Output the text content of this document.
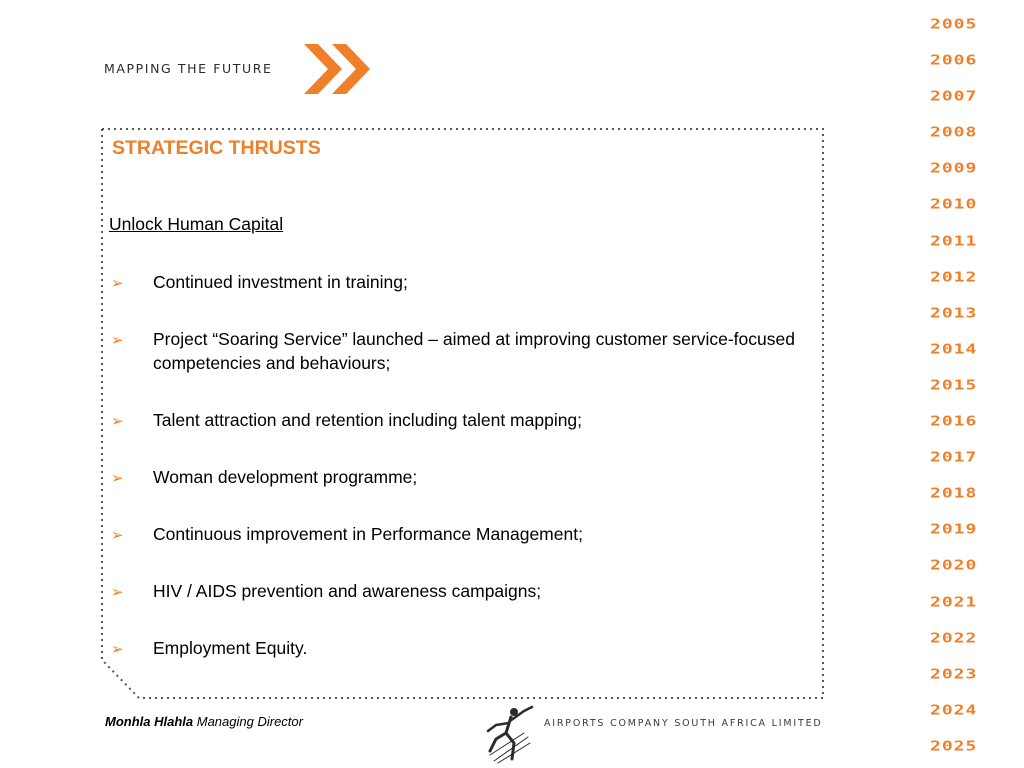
MAPPING THE FUTURE
STRATEGIC THRUSTS
Unlock Human Capital
➢ Continued investment in training;
➢ Project “Soaring Service” launched – aimed at improving customer service-focused competencies and behaviours;
➢ Talent attraction and retention including talent mapping;
➢ Woman development programme;
➢ Continuous improvement in Performance Management;
➢ HIV / AIDS prevention and awareness campaigns;
➢ Employment Equity.
Monhla Hlahla Managing Director	AIRPORTS COMPANY SOUTH AFRICA LIMITED
2005
2006
2007
2008
2009
2010
2011
2012
2013
2014
2015
2016
2017
2018
2019
2020
2021
2022
2023
2024
2025
